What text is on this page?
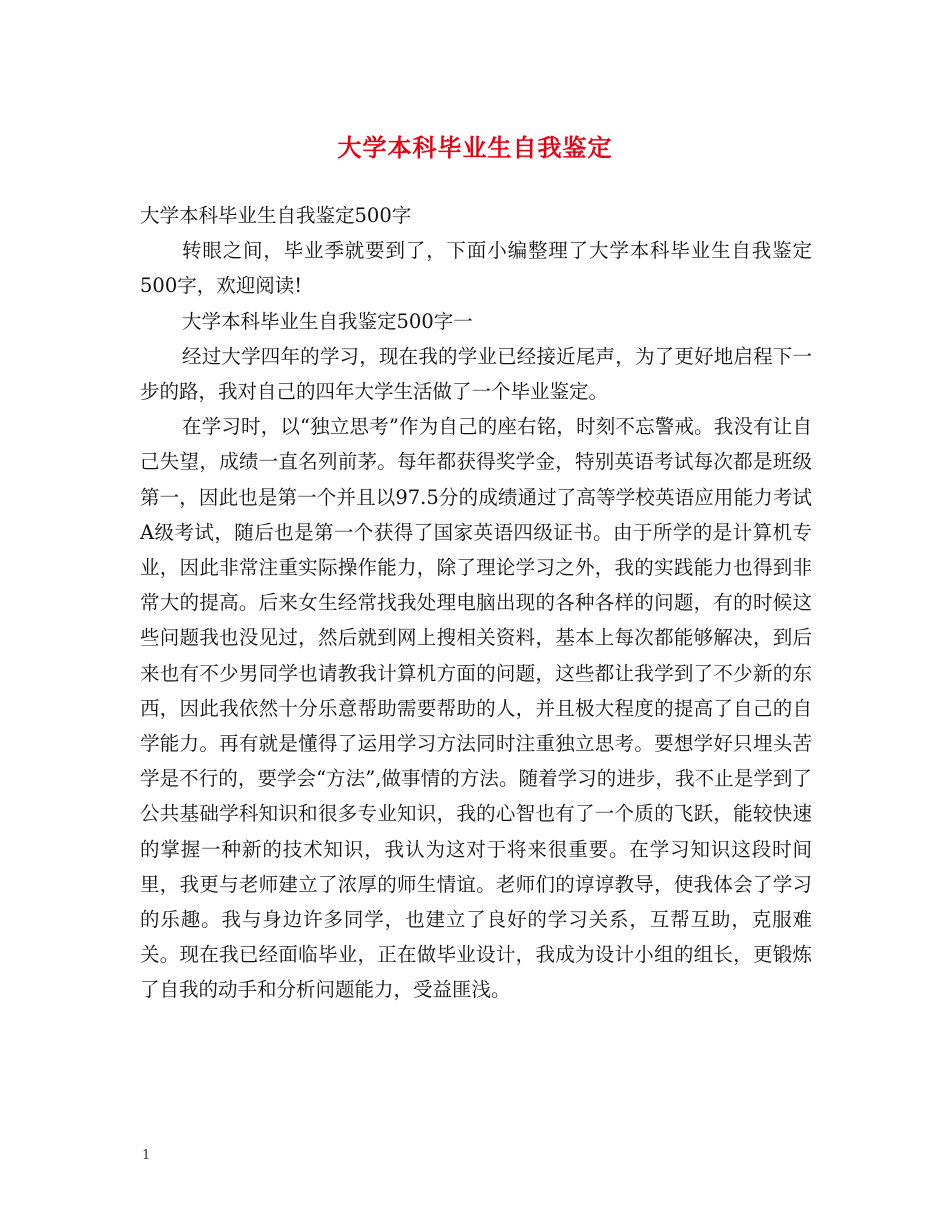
大学本科毕业生自我鉴定

大学本科毕业生自我鉴定500字

转眼之间，毕业季就要到了，下面小编整理了大学本科毕业生自我鉴定500字，欢迎阅读!

大学本科毕业生自我鉴定500字一

经过大学四年的学习，现在我的学业已经接近尾声，为了更好地启程下一步的路，我对自己的四年大学生活做了一个毕业鉴定。

在学习时，以“独立思考”作为自己的座右铭，时刻不忘警戒。我没有让自己失望，成绩一直名列前茅。每年都获得奖学金，特别英语考试每次都是班级第一，因此也是第一个并且以97.5分的成绩通过了高等学校英语应用能力考试A级考试，随后也是第一个获得了国家英语四级证书。由于所学的是计算机专业，因此非常注重实际操作能力，除了理论学习之外，我的实践能力也得到非常大的提高。后来女生经常找我处理电脑出现的各种各样的问题，有的时候这些问题我也没见过，然后就到网上搜相关资料，基本上每次都能够解决，到后来也有不少男同学也请教我计算机方面的问题，这些都让我学到了不少新的东西，因此我依然十分乐意帮助需要帮助的人，并且极大程度的提高了自己的自学能力。再有就是懂得了运用学习方法同时注重独立思考。要想学好只埋头苦学是不行的，要学会“方法”,做事情的方法。随着学习的进步，我不止是学到了公共基础学科知识和很多专业知识，我的心智也有了一个质的飞跃，能较快速的掌握一种新的技术知识，我认为这对于将来很重要。在学习知识这段时间里，我更与老师建立了浓厚的师生情谊。老师们的谆谆教导，使我体会了学习的乐趣。我与身边许多同学，也建立了良好的学习关系，互帮互助，克服难关。现在我已经面临毕业，正在做毕业设计，我成为设计小组的组长，更锻炼了自我的动手和分析问题能力，受益匪浅。

1
